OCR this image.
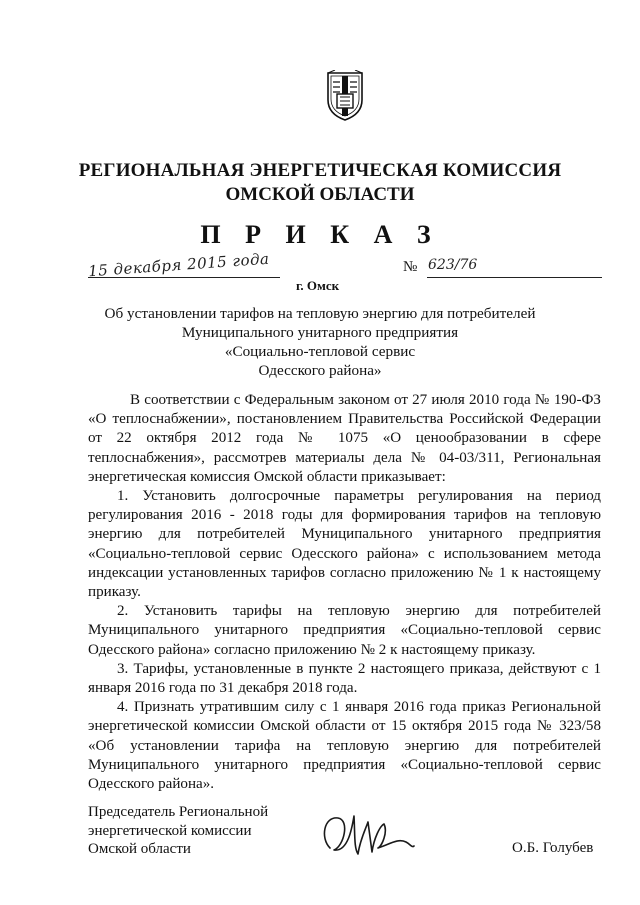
РЕГИОНАЛЬНАЯ ЭНЕРГЕТИЧЕСКАЯ КОМИССИЯ
ОМСКОЙ ОБЛАСТИ
П Р И К А З
15 декабря 2015 года
г. Омск
№ 623/76
Об установлении тарифов на тепловую энергию для потребителей
Муниципального унитарного предприятия
«Социально-тепловой сервис
Одесского района»

В соответствии с Федеральным законом от 27 июля 2010 года № 190-ФЗ «О теплоснабжении», постановлением Правительства Российской Федерации от 22 октября 2012 года № 1075 «О ценообразовании в сфере теплоснабжения», рассмотрев материалы дела № 04-03/311, Региональная энергетическая комиссия Омской области приказывает:

1. Установить долгосрочные параметры регулирования на период регулирования 2016 - 2018 годы для формирования тарифов на тепловую энергию для потребителей Муниципального унитарного предприятия «Социально-тепловой сервис Одесского района» с использованием метода индексации установленных тарифов согласно приложению № 1 к настоящему приказу.

2. Установить тарифы на тепловую энергию для потребителей Муниципального унитарного предприятия «Социально-тепловой сервис Одесского района» согласно приложению № 2 к настоящему приказу.

3. Тарифы, установленные в пункте 2 настоящего приказа, действуют с 1 января 2016 года по 31 декабря 2018 года.

4. Признать утратившим силу с 1 января 2016 года приказ Региональной энергетической комиссии Омской области от 15 октября 2015 года № 323/58 «Об установлении тарифа на тепловую энергию для потребителей Муниципального унитарного предприятия «Социально-тепловой сервис Одесского района».

Председатель Региональной
энергетической комиссии
Омской области	О.Б. Голубев
